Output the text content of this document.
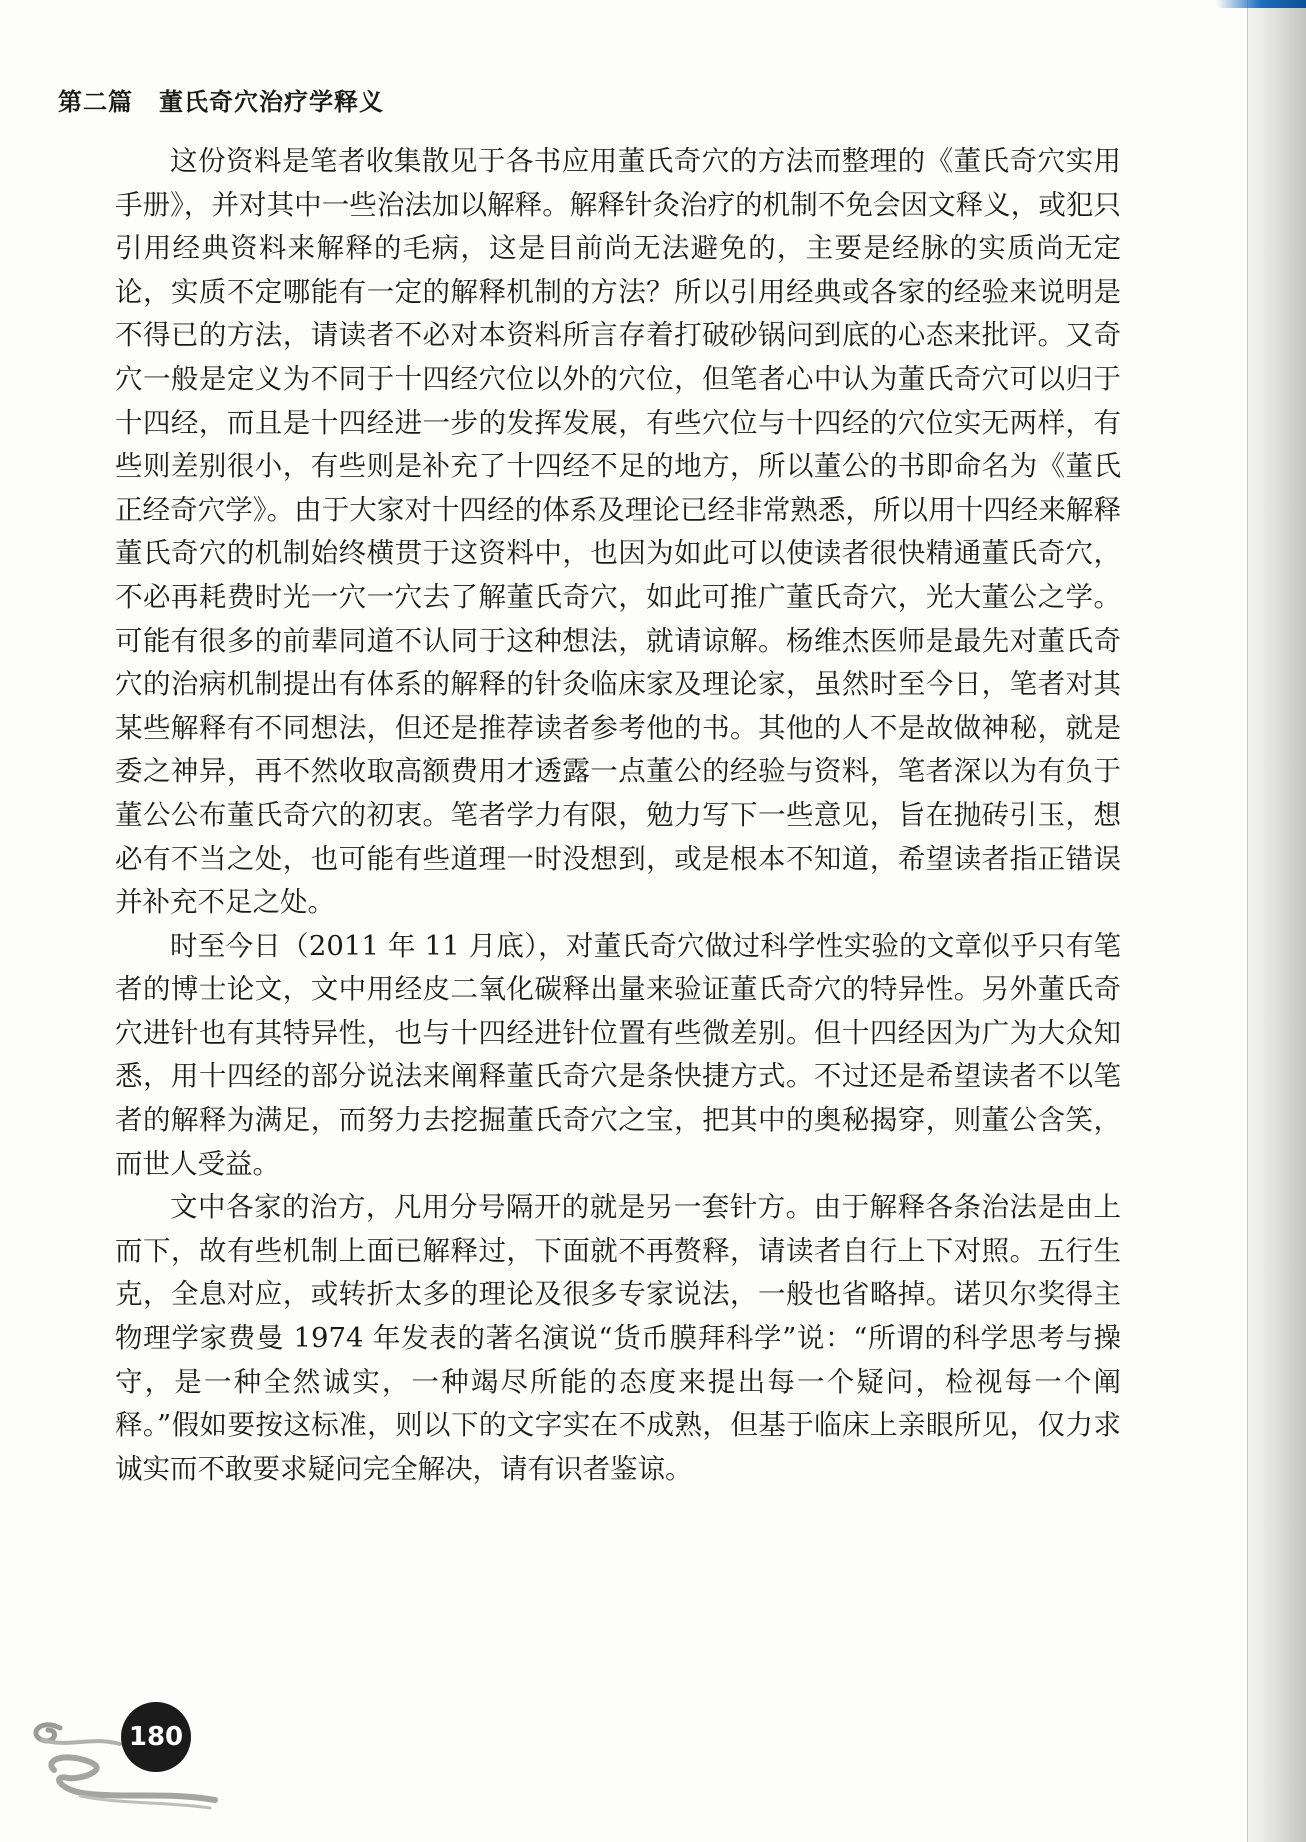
第二篇 董氏奇穴治疗学释义

这份资料是笔者收集散见于各书应用董氏奇穴的方法而整理的《董氏奇穴实用手册》，并对其中一些治法加以解释。解释针灸治疗的机制不免会因文释义，或犯只引用经典资料来解释的毛病，这是目前尚无法避免的，主要是经脉的实质尚无定论，实质不定哪能有一定的解释机制的方法？所以引用经典或各家的经验来说明是不得已的方法，请读者不必对本资料所言存着打破砂锅问到底的心态来批评。又奇穴一般是定义为不同于十四经穴位以外的穴位，但笔者心中认为董氏奇穴可以归于十四经，而且是十四经进一步的发挥发展，有些穴位与十四经的穴位实无两样，有些则差别很小，有些则是补充了十四经不足的地方，所以董公的书即命名为《董氏正经奇穴学》。由于大家对十四经的体系及理论已经非常熟悉，所以用十四经来解释董氏奇穴的机制始终横贯于这资料中，也因为如此可以使读者很快精通董氏奇穴，不必再耗费时光一穴一穴去了解董氏奇穴，如此可推广董氏奇穴，光大董公之学。可能有很多的前辈同道不认同于这种想法，就请谅解。杨维杰医师是最先对董氏奇穴的治病机制提出有体系的解释的针灸临床家及理论家，虽然时至今日，笔者对其某些解释有不同想法，但还是推荐读者参考他的书。其他的人不是故做神秘，就是委之神异，再不然收取高额费用才透露一点董公的经验与资料，笔者深以为有负于董公公布董氏奇穴的初衷。笔者学力有限，勉力写下一些意见，旨在抛砖引玉，想必有不当之处，也可能有些道理一时没想到，或是根本不知道，希望读者指正错误并补充不足之处。

时至今日（2011 年 11 月底），对董氏奇穴做过科学性实验的文章似乎只有笔者的博士论文，文中用经皮二氧化碳释出量来验证董氏奇穴的特异性。另外董氏奇穴进针也有其特异性，也与十四经进针位置有些微差别。但十四经因为广为大众知悉，用十四经的部分说法来阐释董氏奇穴是条快捷方式。不过还是希望读者不以笔者的解释为满足，而努力去挖掘董氏奇穴之宝，把其中的奥秘揭穿，则董公含笑，而世人受益。

文中各家的治方，凡用分号隔开的就是另一套针方。由于解释各条治法是由上而下，故有些机制上面已解释过，下面就不再赘释，请读者自行上下对照。五行生克，全息对应，或转折太多的理论及很多专家说法，一般也省略掉。诺贝尔奖得主物理学家费曼 1974 年发表的著名演说“货币膜拜科学”说：“所谓的科学思考与操守，是一种全然诚实，一种竭尽所能的态度来提出每一个疑问，检视每一个阐释。”假如要按这标准，则以下的文字实在不成熟，但基于临床上亲眼所见，仅力求诚实而不敢要求疑问完全解决，请有识者鉴谅。

180
